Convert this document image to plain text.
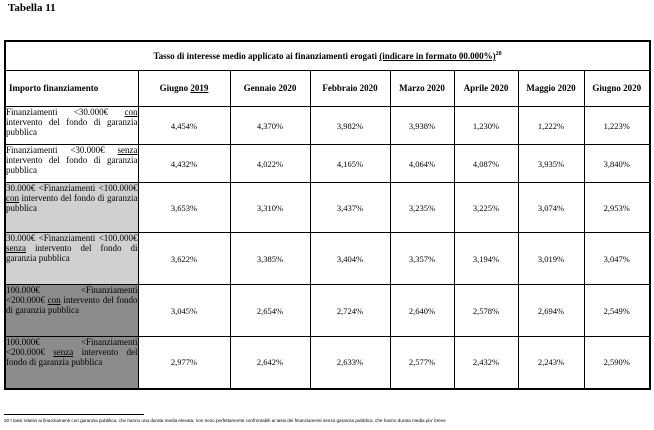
Tabella 11
Tasso di interesse medio applicato ai finanziamenti erogati (indicare in formato 00.000%)$^{20}$
Importo finanziamento	Giugno 2019	Gennaio 2020	Febbraio 2020	Marzo 2020	Aprile 2020	Maggio 2020	Giugno 2020
Finanziamenti <30.000€ con intervento del fondo di garanzia pubblica	4,454%	4,370%	3,982%	3,938%	1,230%	1,222%	1,223%
Finanziamenti <30.000€ senza intervento del fondo di garanzia pubblica	4,432%	4,022%	4,165%	4,064%	4,087%	3,935%	3,840%
30.000€ <Finanziamenti <100.000€ con intervento del fondo di garanzia pubblica	3,653%	3,310%	3,437%	3,235%	3,225%	3,074%	2,953%
30.000€ <Finanziamenti <100.000€ senza intervento del fondo di garanzia pubblica	3,622%	3,385%	3,404%	3,357%	3,194%	3,019%	3,047%
100.000€ <Finanziamenti <200.000€ con intervento del fondo di garanzia pubblica	3,045%	2,654%	2,724%	2,640%	2,578%	2,694%	2,549%
100.000€ <Finanziamenti <200.000€ senza intervento del fondo di garanzia pubblica	2,977%	2,642%	2,633%	2,577%	2,432%	2,243%	2,590%
20 I tassi relativi ai finanziamenti con garanzia pubblica, che hanno una durata media elevata, non sono perfettamente confrontabili ai tassi dei finanziamenti senza garanzia pubblica, che hanno durata media piu' breve
